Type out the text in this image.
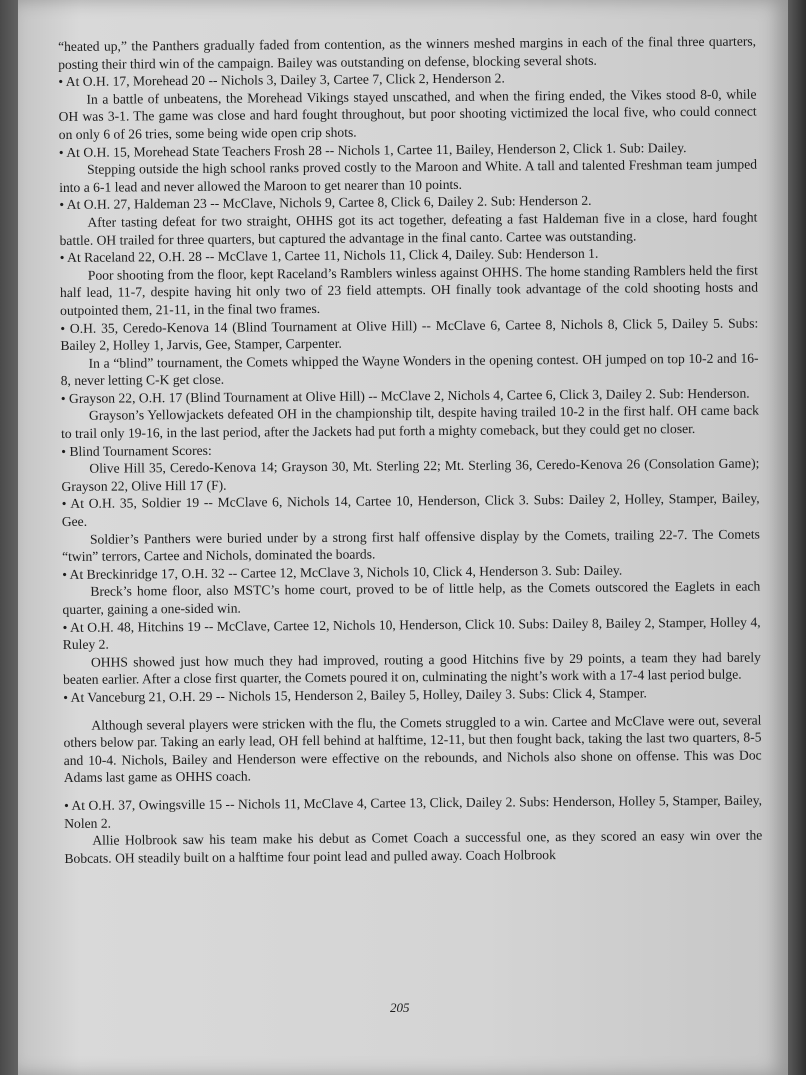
“heated up,” the Panthers gradually faded from contention, as the winners meshed margins in each of the final three quarters, posting their third win of the campaign. Bailey was outstanding on defense, blocking several shots.

• At O.H. 17, Morehead 20 -- Nichols 3, Dailey 3, Cartee 7, Click 2, Henderson 2.

In a battle of unbeatens, the Morehead Vikings stayed unscathed, and when the firing ended, the Vikes stood 8-0, while OH was 3-1. The game was close and hard fought throughout, but poor shooting victimized the local five, who could connect on only 6 of 26 tries, some being wide open crip shots.

• At O.H. 15, Morehead State Teachers Frosh 28 -- Nichols 1, Cartee 11, Bailey, Henderson 2, Click 1. Sub: Dailey.

Stepping outside the high school ranks proved costly to the Maroon and White. A tall and talented Freshman team jumped into a 6-1 lead and never allowed the Maroon to get nearer than 10 points.

• At O.H. 27, Haldeman 23 -- McClave, Nichols 9, Cartee 8, Click 6, Dailey 2. Sub: Henderson 2.

After tasting defeat for two straight, OHHS got its act together, defeating a fast Haldeman five in a close, hard fought battle. OH trailed for three quarters, but captured the advantage in the final canto. Cartee was outstanding.

• At Raceland 22, O.H. 28 -- McClave 1, Cartee 11, Nichols 11, Click 4, Dailey. Sub: Henderson 1.

Poor shooting from the floor, kept Raceland’s Ramblers winless against OHHS. The home standing Ramblers held the first half lead, 11-7, despite having hit only two of 23 field attempts. OH finally took advantage of the cold shooting hosts and outpointed them, 21-11, in the final two frames.

• O.H. 35, Ceredo-Kenova 14 (Blind Tournament at Olive Hill) -- McClave 6, Cartee 8, Nichols 8, Click 5, Dailey 5. Subs: Bailey 2, Holley 1, Jarvis, Gee, Stamper, Carpenter.

In a “blind” tournament, the Comets whipped the Wayne Wonders in the opening contest. OH jumped on top 10-2 and 16-8, never letting C-K get close.

• Grayson 22, O.H. 17 (Blind Tournament at Olive Hill) -- McClave 2, Nichols 4, Cartee 6, Click 3, Dailey 2. Sub: Henderson.

Grayson’s Yellowjackets defeated OH in the championship tilt, despite having trailed 10-2 in the first half. OH came back to trail only 19-16, in the last period, after the Jackets had put forth a mighty comeback, but they could get no closer.

• Blind Tournament Scores:

Olive Hill 35, Ceredo-Kenova 14; Grayson 30, Mt. Sterling 22; Mt. Sterling 36, Ceredo-Kenova 26 (Consolation Game); Grayson 22, Olive Hill 17 (F).

• At O.H. 35, Soldier 19 -- McClave 6, Nichols 14, Cartee 10, Henderson, Click 3. Subs: Dailey 2, Holley, Stamper, Bailey, Gee.

Soldier’s Panthers were buried under by a strong first half offensive display by the Comets, trailing 22-7. The Comets “twin” terrors, Cartee and Nichols, dominated the boards.

• At Breckinridge 17, O.H. 32 -- Cartee 12, McClave 3, Nichols 10, Click 4, Henderson 3. Sub: Dailey.

Breck’s home floor, also MSTC’s home court, proved to be of little help, as the Comets outscored the Eaglets in each quarter, gaining a one-sided win.

• At O.H. 48, Hitchins 19 -- McClave, Cartee 12, Nichols 10, Henderson, Click 10. Subs: Dailey 8, Bailey 2, Stamper, Holley 4, Ruley 2.

OHHS showed just how much they had improved, routing a good Hitchins five by 29 points, a team they had barely beaten earlier. After a close first quarter, the Comets poured it on, culminating the night’s work with a 17-4 last period bulge.

• At Vanceburg 21, O.H. 29 -- Nichols 15, Henderson 2, Bailey 5, Holley, Dailey 3. Subs: Click 4, Stamper.

Although several players were stricken with the flu, the Comets struggled to a win. Cartee and McClave were out, several others below par. Taking an early lead, OH fell behind at halftime, 12-11, but then fought back, taking the last two quarters, 8-5 and 10-4. Nichols, Bailey and Henderson were effective on the rebounds, and Nichols also shone on offense. This was Doc Adams last game as OHHS coach.

• At O.H. 37, Owingsville 15 -- Nichols 11, McClave 4, Cartee 13, Click, Dailey 2. Subs: Henderson, Holley 5, Stamper, Bailey, Nolen 2.

Allie Holbrook saw his team make his debut as Comet Coach a successful one, as they scored an easy win over the Bobcats. OH steadily built on a halftime four point lead and pulled away. Coach Holbrook

205
